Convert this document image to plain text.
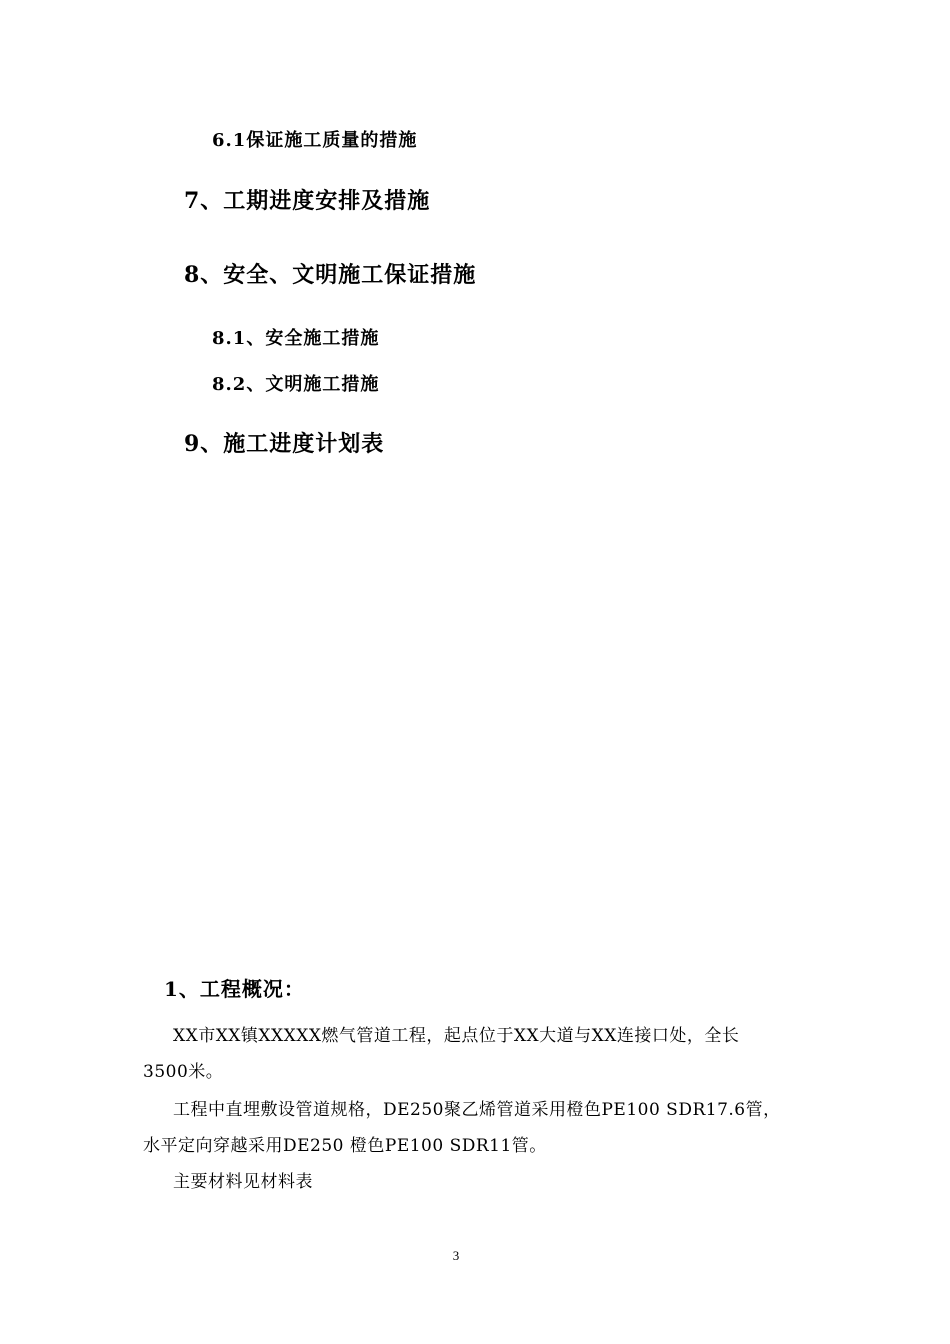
6.1保证施工质量的措施
7、工期进度安排及措施
8、安全、文明施工保证措施
8.1、安全施工措施
8.2、文明施工措施
9、施工进度计划表
1、工程概况：
XX市XX镇XXXXX燃气管道工程，起点位于XX大道与XX连接口处，全长
3500米。
工程中直埋敷设管道规格，DE250聚乙烯管道采用橙色PE100 SDR17.6管，
水平定向穿越采用DE250 橙色PE100 SDR11管。
主要材料见材料表
3
